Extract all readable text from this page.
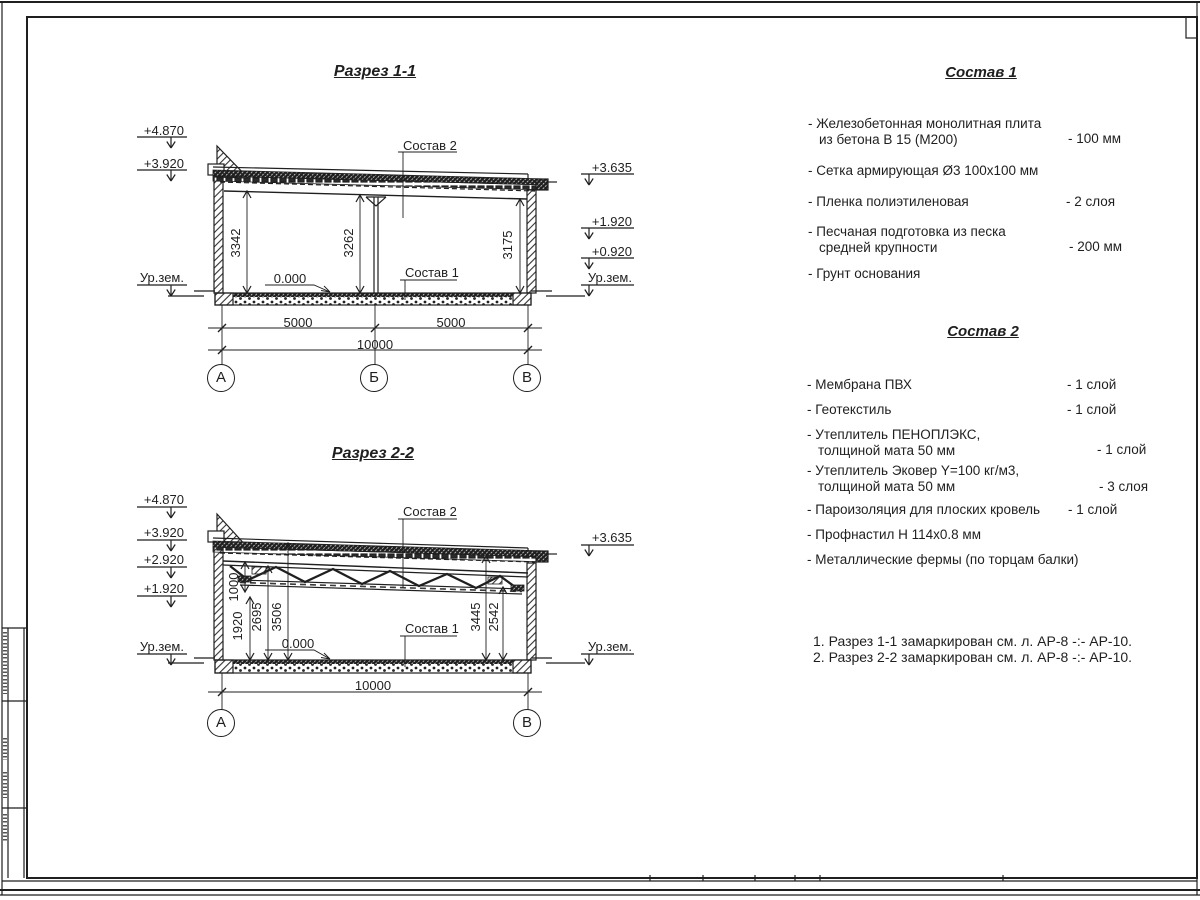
Разрез 1-1
+4.870
+3.920
Ур.зем.
+3.635
+1.920
+0.920
Ур.зем.
3342	3262	3175
0.000
Состав 2
Состав 1
5000	5000
10000
А	Б	В
Разрез 2-2
+4.870
+3.920
+2.920
+1.920
Ур.зем.
+3.635
Ур.зем.
1000
1920 2695 3506	3445 2542
0.000
Состав 2
Состав 1
10000
А	В
Состав 1
- Железобетонная монолитная плита
из бетона В 15 (М200)	- 100 мм
- Сетка армирующая Ø3 100х100 мм
- Пленка полиэтиленовая	- 2 слоя
- Песчаная подготовка из песка
средней крупности	- 200 мм
- Грунт основания
Состав 2
- Мембрана ПВХ	- 1 слой
- Геотекстиль	- 1 слой
- Утеплитель ПЕНОПЛЭКС,
толщиной мата 50 мм	- 1 слой
- Утеплитель Эковер Y=100 кг/м3,
толщиной мата 50 мм	- 3 слоя
- Пароизоляция для плоских кровель - 1 слой
- Профнастил Н 114х0.8 мм
- Металлические фермы (по торцам балки)
1. Разрез 1-1 замаркирован см. л. АР-8 -:- АР-10.
2. Разрез 2-2 замаркирован см. л. АР-8 -:- АР-10.
